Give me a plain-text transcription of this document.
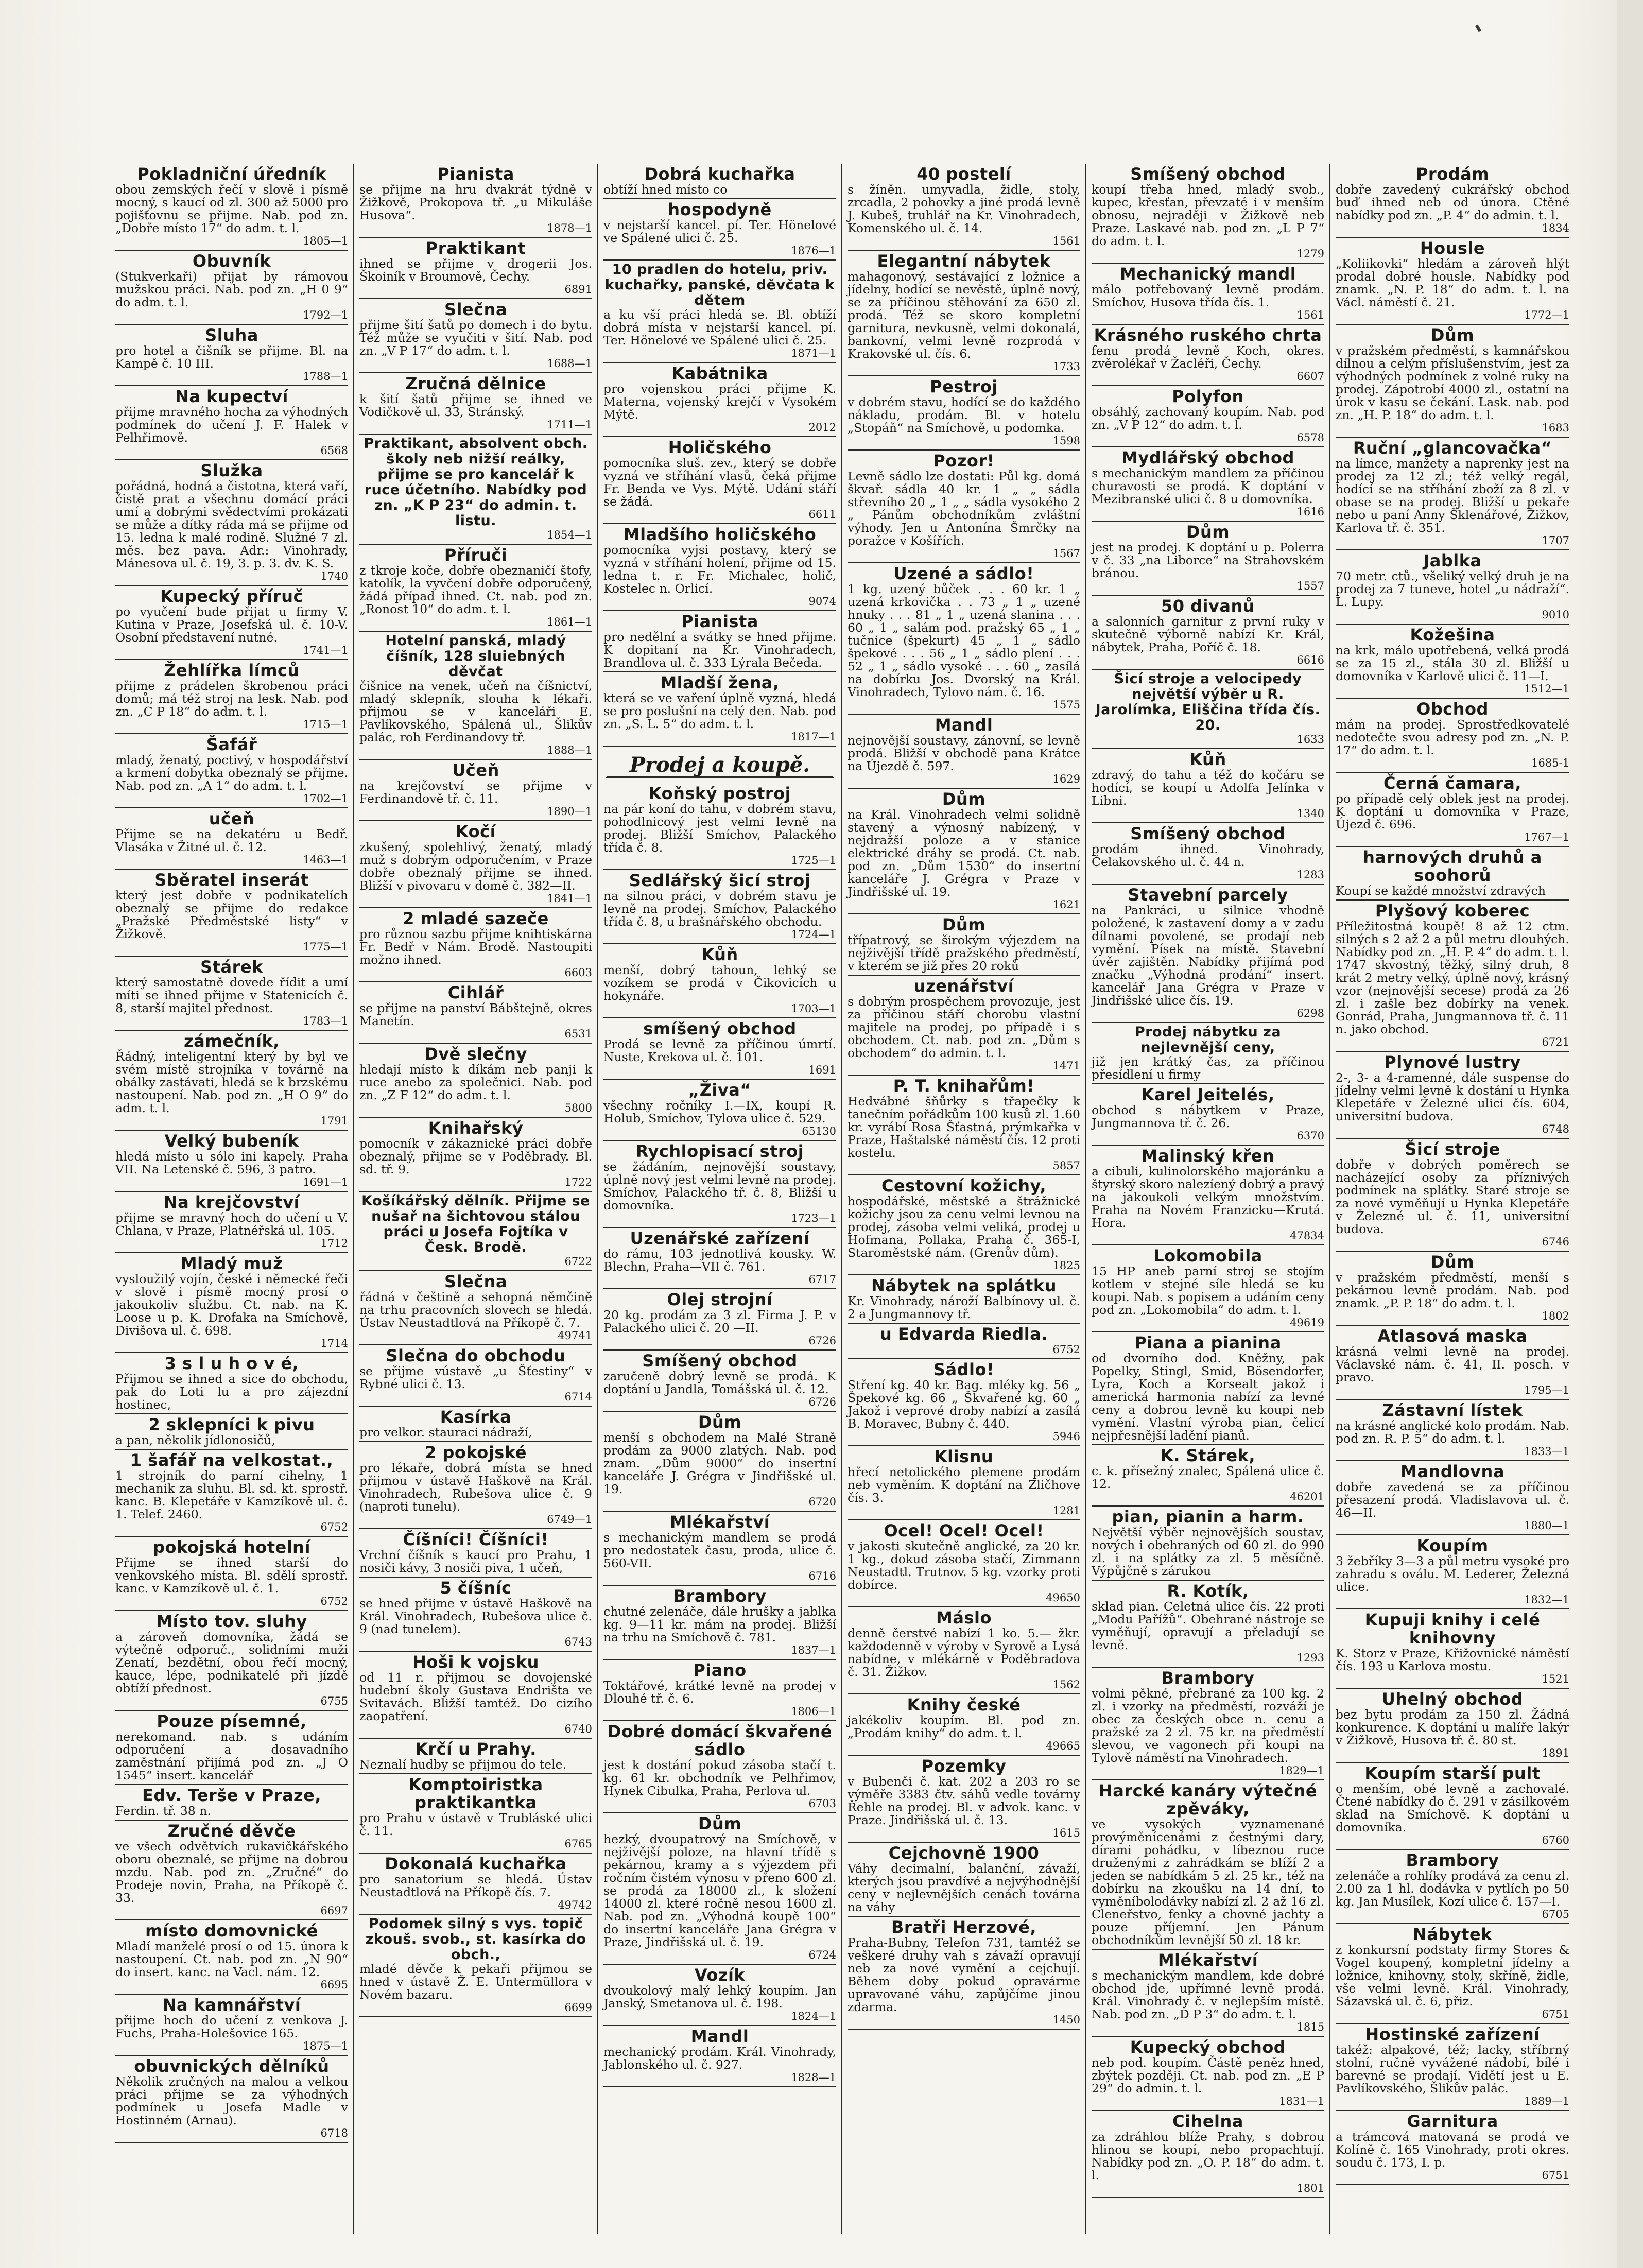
Pokladniční úředník
obou zemských řečí v slově i písmě mocný, s kaucí od zl. 300 až 5000 pro pojišťovnu se přijme. Nab. pod zn. „Dobře místo 17“ do adm. t. l.
1805—1
Obuvník
(Stukverkaři) přijat by rámovou mužskou práci. Nab. pod zn. „H 0 9“ do adm. t. l.
1792—1
Sluha
pro hotel a čišník se přijme. Bl. na Kampě č. 10 III.
1788—1
Na kupectví
přijme mravného hocha za výhodných podmínek do učení J. F. Halek v Pelhřimově.
6568
Služka
pořádná, hodná a čistotna, která vaří, čistě prat a všechnu domácí práci umí a dobrými svědectvími prokázati se může a dítky ráda má se přijme od 15. ledna k malé rodině. Služné 7 zl. měs. bez pava. Adr.: Vinohrady, Mánesova ul. č. 19, 3. p. 3. dv. K. S.
1740
Kupecký příruč
po vyučení bude přijat u firmy V. Kutina v Praze, Josefská ul. č. 10-V. Osobní představení nutné.
1741—1
Žehlířka límců
přijme z prádelen škrobenou práci domů; má též stroj na lesk. Nab. pod zn. „C P 18“ do adm. t. l.
1715—1
Šafář
mladý, ženatý, poctivý, v hospodářství a krmení dobytka obeznalý se přijme. Nab. pod zn. „A 1“ do adm. t. l.
1702—1
učeň
Přijme se na dekatéru u Bedř. Vlasáka v Žitné ul. č. 12.
1463—1
Sběratel inserát
který jest dobře v podnikatelích obeznalý se přijme do redakce „Pražské Předměstské listy“ v Žižkově.
1775—1
Stárek
který samostatně dovede řídit a umí míti se ihned přijme v Statenicích č. 8, starší majitel přednost.
1783—1
zámečník,
Řádný, inteligentní který by byl ve svém místě strojníka v továrně na obálky zastávati, hledá se k brzskému nastoupení. Nab. pod zn. „H O 9“ do adm. t. l.
1791
Velký bubeník
hledá místo u sólo ini kapely. Praha VII. Na Letenské č. 596, 3 patro.
1691—1
Na krejčovství
přijme se mravný hoch do učení u V. Chlana, v Praze, Platnéřská ul. 105.
1712
Mladý muž
vysloužilý vojín, české i německé řeči v slově i písmě mocný prosí o jakoukoliv službu. Ct. nab. na K. Loose u p. K. Drofaka na Smíchově, Divišova ul. č. 698.
1714
3 s l u h o v é,
Přijmou se ihned a sice do obchodu, pak do Loti lu a pro zájezdní hostinec,
2 sklepníci k pivu
a pan, několik jídlonosičů,
1 šafář na velkostat.,
1 strojník do parní cihelny, 1 mechanik za sluhu. Bl. sd. kt. sprostř. kanc. B. Klepetáře v Kamzíkově ul. č. 1. Telef. 2460.
6752
pokojská hotelní
Přijme se ihned starší do venkovského místa. Bl. sdělí sprostř. kanc. v Kamzíkově ul. č. 1.
6752
Místo tov. sluhy
a zároveň domovníka, žádá se výtečně odporuč., solidními muži Zenatí, bezdětní, obou řečí mocný, kauce, lépe, podnikatelé při jízdě obtíží přednost.
6755
Pouze písemné,
nerekomand. nab. s udáním odporučení a dosavadního zaměstnání přijímá pod zn. „J O 1545“ insert. kancelář
Edv. Terše v Praze,
Ferdin. tř. 38 n.
Zručné děvče
ve všech odvětvích rukavičkářského oboru obeznalé, se přijme na dobrou mzdu. Nab. pod zn. „Zručné“ do Prodeje novin, Praha, na Příkopě č. 33.
6697
místo domovnické
Mladí manželé prosí o od 15. února k nastoupení. Ct. nab. pod zn. „N 90“ do insert. kanc. na Vacl. nám. 12.
6695
Na kamnářství
přijme hoch do učení z venkova J. Fuchs, Praha-Holešovice 165.
1875—1
obuvnických dělníků
Několik zručných na malou a velkou práci přijme se za výhodných podmínek u Josefa Madle v Hostinném (Arnau).
6718
Pianista
se přijme na hru dvakrát týdně v Žižkově, Prokopova tř. „u Mikuláše Husova“.
1878—1
Praktikant
ihned se přijme v drogerii Jos. Škoiník v Broumově, Čechy.
6891
Slečna
přijme šití šatů po domech i do bytu. Též může se vyučiti v šití. Nab. pod zn. „V P 17“ do adm. t. l.
1688—1
Zručná dělnice
k šití šatů přijme se ihned ve Vodičkově ul. 33, Stránský.
1711—1
Praktikant, absolvent obch. školy neb nižší reálky, přijme se pro kancelář k ruce účetního. Nabídky pod zn. „K P 23“ do admin. t. listu.
1854—1
Příruči
z tkroje koče, dobře obeznaničí štofy, katolík, la vyvčení dobře odporučený, žádá případ ihned. Ct. nab. pod zn. „Ronost 10“ do adm. t. l.
1861—1
Hotelní panská, mladý číšník, 128 sluiebných děvčat
čišnice na venek, učeň na číšnictví, mladý sklepník, slouha k lékaři. přijmou se v kanceláři E. Pavlíkovského, Spálená ul., Šlikův palác, roh Ferdinandovy tř.
1888—1
Učeň
na krejčovství se přijme v Ferdinandově tř. č. 11.
1890—1
Kočí
zkušený, spolehlivý, ženatý, mladý muž s dobrým odporučením, v Praze dobře obeznalý přijme se ihned. Bližší v pivovaru v domě č. 382—II.
1841—1
2 mladé sazeče
pro různou sazbu přijme knihtiskárna Fr. Bedř v Nám. Brodě. Nastoupiti možno ihned.
6603
Cihlář
se přijme na panství Bábštejně, okres Manetín.
6531
Dvě slečny
hledají místo k díkám neb panji k ruce anebo za společnici. Nab. pod zn. „Z F 12“ do adm. t. l.
5800
Knihařský
pomocník v zákaznické práci dobře obeznalý, přijme se v Poděbrady. Bl. sd. tř. 9.
1722
Košíkářský dělník. Přijme se nušař na šichtovou stálou práci u Josefa Fojtíka v Česk. Brodě.
6722
Slečna
řádná v češtině a sehopná němčině na trhu pracovních slovech se hledá. Ústav Neustadtlová na Příkopě č. 7.
49741
Slečna do obchodu
se přijme vústavě „u Šťestiny“ v Rybné ulici č. 13.
6714
Kasírka
pro velkor. stauraci nádraží,
2 pokojské
pro lékaře, dobrá místa se hned přijmou v ústavě Haškově na Král. Vinohradech, Rubešova ulice č. 9 (naproti tunelu).
6749—1
Číšníci! Číšníci!
Vrchní číšník s kaucí pro Prahu, 1 nosiči kávy, 3 nosiči piva, 1 učeň,
5 číšníc
se hned přijme v ústavě Haškově na Král. Vinohradech, Rubešova ulice č. 9 (nad tunelem).
6743
Hoši k vojsku
od 11 r. přijmou se dovojenské hudební školy Gustava Endrišta ve Svitavách. Bližší tamtéž. Do cizího zaopatření.
6740
Krčí u Prahy.
Neznalí hudby se přijmou do tele.
Komptoiristka praktikantka
pro Prahu v ústavě v Trubláské ulici č. 11.
6765
Dokonalá kuchařka
pro sanatorium se hledá. Ústav Neustadtlová na Příkopě čís. 7.
49742
Podomek silný s vys. topič zkouš. svob., st. kasírka do obch.,
mladé děvče k pekaři přijmou se hned v ústavě Ž. E. Untermüllora v Novém bazaru.
6699
Dobrá kuchařka
obtíží hned místo co
hospodyně
v nejstarší kancel. pí. Ter. Hönelové ve Spálené ulici č. 25.
1876—1
10 pradlen do hotelu, priv. kuchařky, panské, děvčata k dětem
a ku vší práci hledá se. Bl. obtíží dobrá místa v nejstarší kancel. pí. Ter. Hönelové ve Spálené ulici č. 25.
1871—1
Kabátnika
pro vojenskou práci přijme K. Materna, vojenský krejčí v Vysokém Mýtě.
2012
Holičského
pomocníka sluš. zev., který se dobře vyzná ve stříhání vlasů, čeká přijme Fr. Benda ve Vys. Mýtě. Udání stáří se žádá.
6611
Mladšího holičského
pomocníka vyjsi postavy, který se vyzná v stříhání holení, přijme od 15. ledna t. r. Fr. Michalec, holič, Kostelec n. Orlicí.
9074
Pianista
pro nedělní a svátky se hned přijme. K dopitaní na Kr. Vinohradech, Brandlova ul. č. 333 Lýrala Bečeda.
Mladší žena,
která se ve vaření úplně vyzná, hledá se pro poslušní na celý den. Nab. pod zn. „S. L. 5“ do adm. t. l.
1817—1
Prodej a koupě.
Koňský postroj
na pár koní do tahu, v dobrém stavu, pohodlnicový jest velmi levně na prodej. Bližší Smíchov, Palackého třída č. 8.
1725—1
Sedlářský šicí stroj
na silnou práci, v dobrém stavu je levně na prodej. Smíchov, Palackého třída č. 8, u brašnářského obchodu.
1724—1
Kůň
menší, dobrý tahoun, lehký se vozíkem se prodá v Čikovicích u hokynáře.
1703—1
smíšený obchod
Prodá se levně za příčinou úmrtí. Nuste, Krekova ul. č. 101.
1691
„Živa“
všechny ročníky I.—IX, koupí R. Holub, Smíchov, Tylova ulice č. 529.
65130
Rychlopisací stroj
se žádáním, nejnovější soustavy, úplně nový jest velmi levně na prodej. Smíchov, Palackého tř. č. 8, Bližší u domovníka.
1723—1
Uzenářské zařízení
do rámu, 103 jednotlivá kousky. W. Blechn, Praha—VII č. 761.
6717
Olej strojní
20 kg. prodám za 3 zl. Firma J. P. v Palackého ulici č. 20 —II.
6726
Smíšený obchod
zaručeně dobrý levně se prodá. K doptání u Jandla, Tomášská ul. č. 12.
6726
Dům
menší s obchodem na Malé Straně prodám za 9000 zlatých. Nab. pod znam. „Dům 9000“ do insertní kanceláře J. Grégra v Jindřišské ul. 19.
6720
Mlékařství
s mechanickým mandlem se prodá pro nedostatek času, proda, ulice č. 560-VII.
6716
Brambory
chutné zelenáče, dále hrušky a jablka kg. 9—11 kr. mám na prodej. Bližší na trhu na Smíchově č. 781.
1837—1
Piano
Toktářové, krátké levně na prodej v Dlouhé tř. č. 6.
1806—1
Dobré domácí škvařené sádlo
jest k dostání pokud zásoba stačí t. kg. 61 kr. obchodník ve Pelhřimov, Hynek Cibulka, Praha, Perlova ul.
6703
Dům
hezký, dvoupatrový na Smíchově, v nejživější poloze, na hlavní třídě s pekárnou, kramy a s výjezdem při ročním čistém výnosu v přeno 600 zl. se prodá za 18000 zl., k složení 14000 zl. které ročně nesou 1600 zl. Nab. pod zn. „Výhodná koupě 100“ do insertní kanceláře Jana Grégra v Praze, Jindřišská ul. č. 19.
6724
Vozík
dvoukolový malý lehký koupím. Jan Janský, Smetanova ul. č. 198.
1824—1
Mandl
mechanický prodám. Král. Vinohrady, Jablonského ul. č. 927.
1828—1
40 postelí
s žíněn. umyvadla, židle, stoly, zrcadla, 2 pohovky a jiné prodá levně J. Kubeš, truhlář na Kr. Vinohradech, Komenského ul. č. 14.
1561
Elegantní nábytek
mahagonový, sestávající z ložnice a jídelny, hodící se nevěstě, úplně nový, se za příčinou stěhování za 650 zl. prodá. Též se skoro kompletní garnitura, nevkusně, velmi dokonalá, bankovní, velmi levně rozprodá v Krakovské ul. čís. 6.
1733
Pestroj
v dobrém stavu, hodící se do každého nákladu, prodám. Bl. v hotelu „Stopáň“ na Smíchově, u podomka.
1598
Pozor!
Levně sádlo lze dostati: Půl kg. domá škvař. sádla 40 kr. 1 „ „ sádla střevního 20 „ 1 „ „ sádla vysokého 2 „ Pánům obchodníkům zvláštní výhody. Jen u Antonína Šmrčky na poražce v Košířích.
1567
Uzené a sádlo!
1 kg. uzený bůček . . . 60 kr. 1 „ uzená krkovička . . 73 „ 1 „ uzené hnuky . . . 81 „ 1 „ uzená slanina . . . 60 „ 1 „ salám pod. pražský 65 „ 1 „ tučnice (špekurt) 45 „ 1 „ sádlo špekové . . . 56 „ 1 „ sádlo plení . . . 52 „ 1 „ sádlo vysoké . . . 60 „ zasílá na dobírku Jos. Dvorský na Král. Vinohradech, Tylovo nám. č. 16.
1575
Mandl
nejnovější soustavy, zánovní, se levně prodá. Bližší v obchodě pana Krátce na Újezdě č. 597.
1629
Dům
na Král. Vinohradech velmi solidně stavený a výnosný nabízený, v nejdražší poloze a v stanice elektrické dráhy se prodá. Ct. nab. pod zn. „Dům 1530“ do insertní kanceláře J. Grégra v Praze v Jindřišské ul. 19.
1621
Dům
třípatrový, se širokým výjezdem na nejživější třídě pražského předměstí, v kterém se již přes 20 roků
uzenářství
s dobrým prospěchem provozuje, jest za příčinou stáří chorobu vlastní majitele na prodej, po případě i s obchodem. Ct. nab. pod zn. „Dům s obchodem“ do admin. t. l.
1471
P. T. knihařům!
Hedvábné šňůrky s třapečky k tanečním pořádkům 100 kusů zl. 1.60 kr. vyrábí Rosa Šťastná, prýmkařka v Praze, Haštalské náměstí čís. 12 proti kostelu.
5857
Cestovní kožichy,
hospodářské, městské a štrážnické kožichy jsou za cenu velmi levnou na prodej, zásoba velmi veliká, prodej u Hofmana, Pollaka, Praha č. 365-I, Staroměstské nám. (Grenův dům).
1825
Nábytek na splátku
Kr. Vinohrady, nároží Balbínovy ul. č. 2 a Jungmannovy tř.
u Edvarda Riedla.
6752
Sádlo!
Stření kg. 40 kr. Bag. mléky kg. 56 „ Špekové kg. 66 „ Škvařené kg. 60 „ Jakož i veprové droby nabízí a zasílá B. Moravec, Bubny č. 440.
5946
Klisnu
hřecí netolického plemene prodám neb vyměním. K doptání na Zličhove čís. 3.
1281
Ocel! Ocel! Ocel!
v jakosti skutečně anglické, za 20 kr. 1 kg., dokud zásoba stačí, Zimmann Neustadtl. Trutnov. 5 kg. vzorky proti dobírce.
49650
Máslo
denně čerstvé nabízí 1 ko. 5.— žkr. každodenně v výroby v Syrově a Lysá nabídne, v mlékárně v Poděbradova č. 31. Žižkov.
1562
Knihy české
jakékoliv koupím. Bl. pod zn. „Prodám knihy“ do adm. t. l.
49665
Pozemky
v Bubenči č. kat. 202 a 203 ro se výměře 3383 čtv. sáhů vedle továrny Řehle na prodej. Bl. v advok. kanc. v Praze. Jindřišská ul. č. 13.
1615
Cejchovně 1900
Váhy decimalní, balanční, závaží, kterých jsou pravdívé a nejvýhodnější ceny v nejlevnějších cenách továrna na váhy
Bratři Herzové,
Praha-Bubny, Telefon 731, tamtéž se veškeré druhy vah s závaží opravují neb za nové vymění a cejchují. Během doby pokud opravárme upravované váhu, zapůjčíme jinou zdarma.
1450
Smíšený obchod
koupí třeba hned, mladý svob., kupec, křesťan, převzaté i v menším obnosu, nejraději v Žižkově neb Praze. Laskavé nab. pod zn. „L P 7“ do adm. t. l.
1279
Mechanický mandl
málo potřebovaný levně prodám. Smíchov, Husova třída čís. 1.
1561
Krásného ruského chrta
fenu prodá levně Koch, okres. zvěrolékař v Žacléři, Čechy.
6607
Polyfon
obsáhlý, zachovaný koupím. Nab. pod zn. „V P 12“ do adm. t. l.
6578
Mydlářský obchod
s mechanickým mandlem za příčinou churavosti se prodá. K doptání v Mezibranské ulici č. 8 u domovníka.
1616
Dům
jest na prodej. K doptání u p. Polerra v č. 33 „na Liborce“ na Strahovském bránou.
1557
50 divanů
a salonních garnitur z první ruky v skutečně výborně nabízí Kr. Král, nábytek, Praha, Poříč č. 18.
6616
Šicí stroje a velocipedy největší výběr u R. Jarolímka, Eliščina třída čís. 20.
1633
Kůň
zdravý, do tahu a též do kočáru se hodící, se koupí u Adolfa Jelínka v Libni.
1340
Smíšený obchod
prodám ihned. Vinohrady, Čelakovského ul. č. 44 n.
1283
Stavební parcely
na Pankráci, u silnice vhodně položené, k zastavení domy a v zadu dílnami povolené, se prodají neb vymění. Písek na místě. Stavební úvěr zajištěn. Nabídky přijímá pod značku „Výhodná prodání“ insert. kancelář Jana Grégra v Praze v Jindřišské ulice čís. 19.
6298
Prodej nábytku za nejlevnější ceny,
již jen krátký čas, za příčinou přesídlení u firmy
Karel Jeitelés,
obchod s nábytkem v Praze, Jungmannova tř. č. 26.
6370
Malinský křen
a cibuli, kulinolorského majoránku a štyrský skoro nalezíený dobrý a pravý na jakoukoli velkým množstvím. Praha na Novém Franzicku—Krutá. Hora.
47834
Lokomobila
15 HP aneb parní stroj se stojím kotlem v stejné síle hledá se ku koupi. Nab. s popisem a udáním ceny pod zn. „Lokomobila“ do adm. t. l.
49619
Piana a pianina
od dvorního dod. Kněžny, pak Popelky, Stingl, Smid, Bösendorfer, Lyra, Koch a Korsealt jakož i americká harmonia nabízí za levné ceny a dobrou levně ku koupi neb vymění. Vlastní výroba pian, čelicí nejpřesnější ladění pianů.
K. Stárek,
c. k. přísežný znalec, Spálená ulice č. 12.
46201
pian, pianin a harm.
Největší výběr nejnovějších soustav, nových i obehraných od 60 zl. do 990 zl. i na splátky za zl. 5 měsíčně. Výpůjčně s zárukou
R. Kotík,
sklad pian. Celetná ulice čís. 22 proti „Modu Pařížů“. Obehrané nástroje se vyměňují, opravují a přeladují se levně.
1293
Brambory
volmi pěkné, přebrané za 100 kg. 2 zl. i vzorky na předměstí, rozváží je obec za českých obce n. cenu a pražské za 2 zl. 75 kr. na předměstí slevou, ve vagonech při koupi na Tylově náměstí na Vinohradech.
1829—1
Harcké kanáry výtečné zpěváky,
ve vysokých vyznamenané provýměnícenámi z čestnými dary, dírami pohádku, v líbeznou ruce druženými z zahrádkám se blíží 2 a jeden se nabídkám 5 zl. 25 kr., též na dobírku na zkoušku na 14 dní, to vyměníbolodávky nabízí zl. 2 až 16 zl. Cleneřstvo, fenky a chovné jachty a pouze příjemní. Jen Pánum obchodníkům levnější 50 zl. 18 kr.
Mlékařství
s mechanickým mandlem, kde dobré obchod jde, upřímné levně prodá. Král. Vinohrady č. v nejlepším místě. Nab. pod zn. „D P 3“ do adm. t. l.
1815
Kupecký obchod
neb pod. koupím. Částě peněz hned, zbýtek později. Ct. nab. pod zn. „E P 29“ do admin. t. l.
1831—1
Cihelna
za zdráhlou blíže Prahy, s dobrou hlinou se koupí, nebo propachtují. Nabídky pod zn. „O. P. 18“ do adm. t. l.
1801
Prodám
dobře zavedený cukrářský obchod buď ihned neb od února. Ctěné nabídky pod zn. „P. 4“ do admin. t. l.
1834
Housle
„Koliikovki“ hledám a zároveň hlýt prodal dobré housle. Nabídky pod znamk. „N. P. 18“ do adm. t. l. na Václ. náměstí č. 21.
1772—1
Dům
v pražském předměstí, s kamnářskou dílnou a celým příslušenstvím, jest za výhodných podmínek z volné ruky na prodej. Zápotrobí 4000 zl., ostatní na úrok v kasu se čekání. Lask. nab. pod zn. „H. P. 18“ do adm. t. l.
1683
Ruční „glancovačka“
na límce, manžety a naprenky jest na prodej za 12 zl.; též velký regál, hodící se na stříhání zboží za 8 zl. v obase se na prodej. Bližší u pekaře nebo u paní Anny Šklenářové, Žižkov, Karlova tř. č. 351.
1707
Jablka
70 metr. ctů., všeliký velký druh je na prodej za 7 tuneve, hotel „u nádraží“. L. Lupy.
9010
Kožešina
na krk, málo upotřebená, velká prodá se za 15 zl., stála 30 zl. Bližší u domovníka v Karlově ulici č. 11—I.
1512—1
Obchod
mám na prodej. Sprostředkovatelé nedotečte svou adresy pod zn. „N. P. 17“ do adm. t. l.
1685-1
Černá čamara,
po případě celý oblek jest na prodej. K doptání u domovníka v Praze, Újezd č. 696.
1767—1
harnových druhů a soohorů
Koupí se každé množství zdravých
Plyšový koberec
Příležitostná koupě! 8 až 12 ctm. silných s 2 až 2 a půl metru dlouhých. Nabídky pod zn. „H. P. 4“ do adm. t. l. 1747 skvostný, těžký, silný druh, 8 krát 2 metry velký, úplně nový, krásný vzor (nejnovější secese) prodá za 26 zl. i zašle bez dobírky na venek. Gonrád, Praha, Jungmannova tř. č. 11 n. jako obchod.
6721
Plynové lustry
2-, 3- a 4-ramenné, dále suspense do jídelny velmi levně k dostání u Hynka Klepetáře v Železné ulici čís. 604, universitní budova.
6748
Šicí stroje
dobře v dobrých poměrech se nacházející osoby za příznivých podmínek na splátky. Staré stroje se za nové vyměňují u Hynka Klepetáře v Železné ul. č. 11, universitní budova.
6746
Dům
v pražském předměstí, menší s pekárnou levně prodám. Nab. pod znamk. „P. P. 18“ do adm. t. l.
1802
Atlasová maska
krásná velmi levně na prodej. Václavské nám. č. 41, II. posch. v pravo.
1795—1
Zástavní lístek
na krásné anglické kolo prodám. Nab. pod zn. R. P. 5“ do adm. t. l.
1833—1
Mandlovna
dobře zavedená se za příčinou přesazení prodá. Vladislavova ul. č. 46—II.
1880—1
Koupím
3 žebříky 3—3 a půl metru vysoké pro zahradu s oválu. M. Lederer, Železná ulice.
1832—1
Kupuji knihy i celé knihovny
K. Storz v Praze, Křižovnické náměstí čís. 193 u Karlova mostu.
1521
Uhelný obchod
bez bytu prodám za 150 zl. Žádná konkurence. K doptání u malíře lakýr v Žižkově, Husova tř. č. 80 st.
1891
Koupím starší pult
o menším, obé levně a zachovalé. Čtené nabídky do č. 291 v zásilkovém sklad na Smíchově. K doptání u domovníka.
6760
Brambory
zelenáče a rohlíky prodává za cenu zl. 2.00 za 1 hl. dodávka v pytlích po 50 kg. Jan Musílek, Kozí ulice č. 157—I.
6705
Nábytek
z konkursní podstaty firmy Stores & Vogel koupený, kompletní jídelny a ložnice, knihovny, stoly, skříně, židle, vše velmi levně. Král. Vinohrady, Sázavská ul. č. 6, přiz.
6751
Hostinské zařízení
takéž: alpakové, též; lacky, stříbrný stolní, ručně vyvážené nádobí, bílé i barevné se prodají. Vidětí jest u E. Pavlíkovského, Šlikův palác.
1889—1
Garnitura
a trámcová matovaná se prodá ve Kolíně č. 165 Vinohrady, proti okres. soudu č. 173, I. p.
6751
